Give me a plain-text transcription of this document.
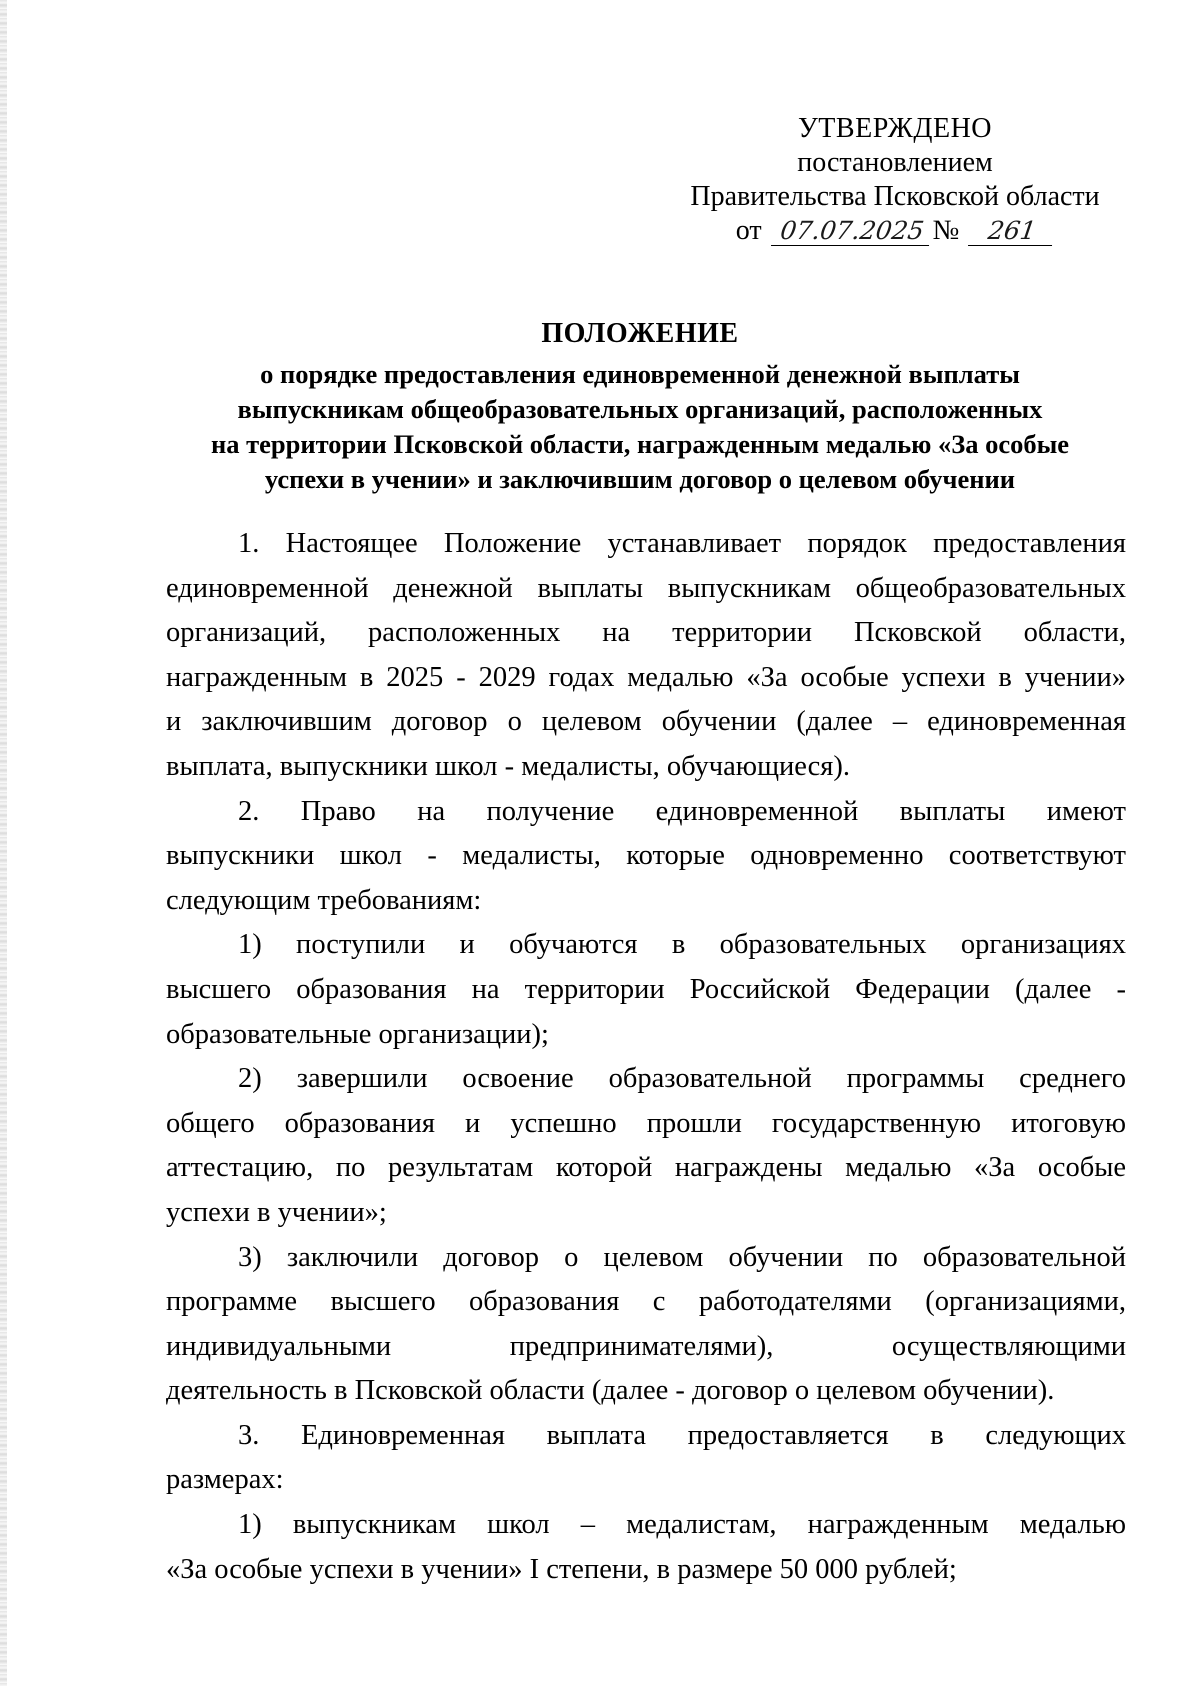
УТВЕРЖДЕНО
постановлением
Правительства Псковской области
от 07.07.2025 № 261
ПОЛОЖЕНИЕ
о порядке предоставления единовременной денежной выплаты
выпускникам общеобразовательных организаций, расположенных
на территории Псковской области, награжденным медалью «За особые
успехи в учении» и заключившим договор о целевом обучении
1. Настоящее Положение устанавливает порядок предоставления
единовременной денежной выплаты выпускникам общеобразовательных
организаций, расположенных на территории Псковской области,
награжденным в 2025 - 2029 годах медалью «За особые успехи в учении»
и заключившим договор о целевом обучении (далее – единовременная
выплата, выпускники школ - медалисты, обучающиеся).
2. Право на получение единовременной выплаты имеют
выпускники школ - медалисты, которые одновременно соответствуют
следующим требованиям:
1) поступили и обучаются в образовательных организациях
высшего образования на территории Российской Федерации (далее -
образовательные организации);
2) завершили освоение образовательной программы среднего
общего образования и успешно прошли государственную итоговую
аттестацию, по результатам которой награждены медалью «За особые
успехи в учении»;
3) заключили договор о целевом обучении по образовательной
программе высшего образования с работодателями (организациями,
индивидуальными предпринимателями), осуществляющими
деятельность в Псковской области (далее - договор о целевом обучении).
3. Единовременная выплата предоставляется в следующих
размерах:
1) выпускникам школ – медалистам, награжденным медалью
«За особые успехи в учении» I степени, в размере 50 000 рублей;
